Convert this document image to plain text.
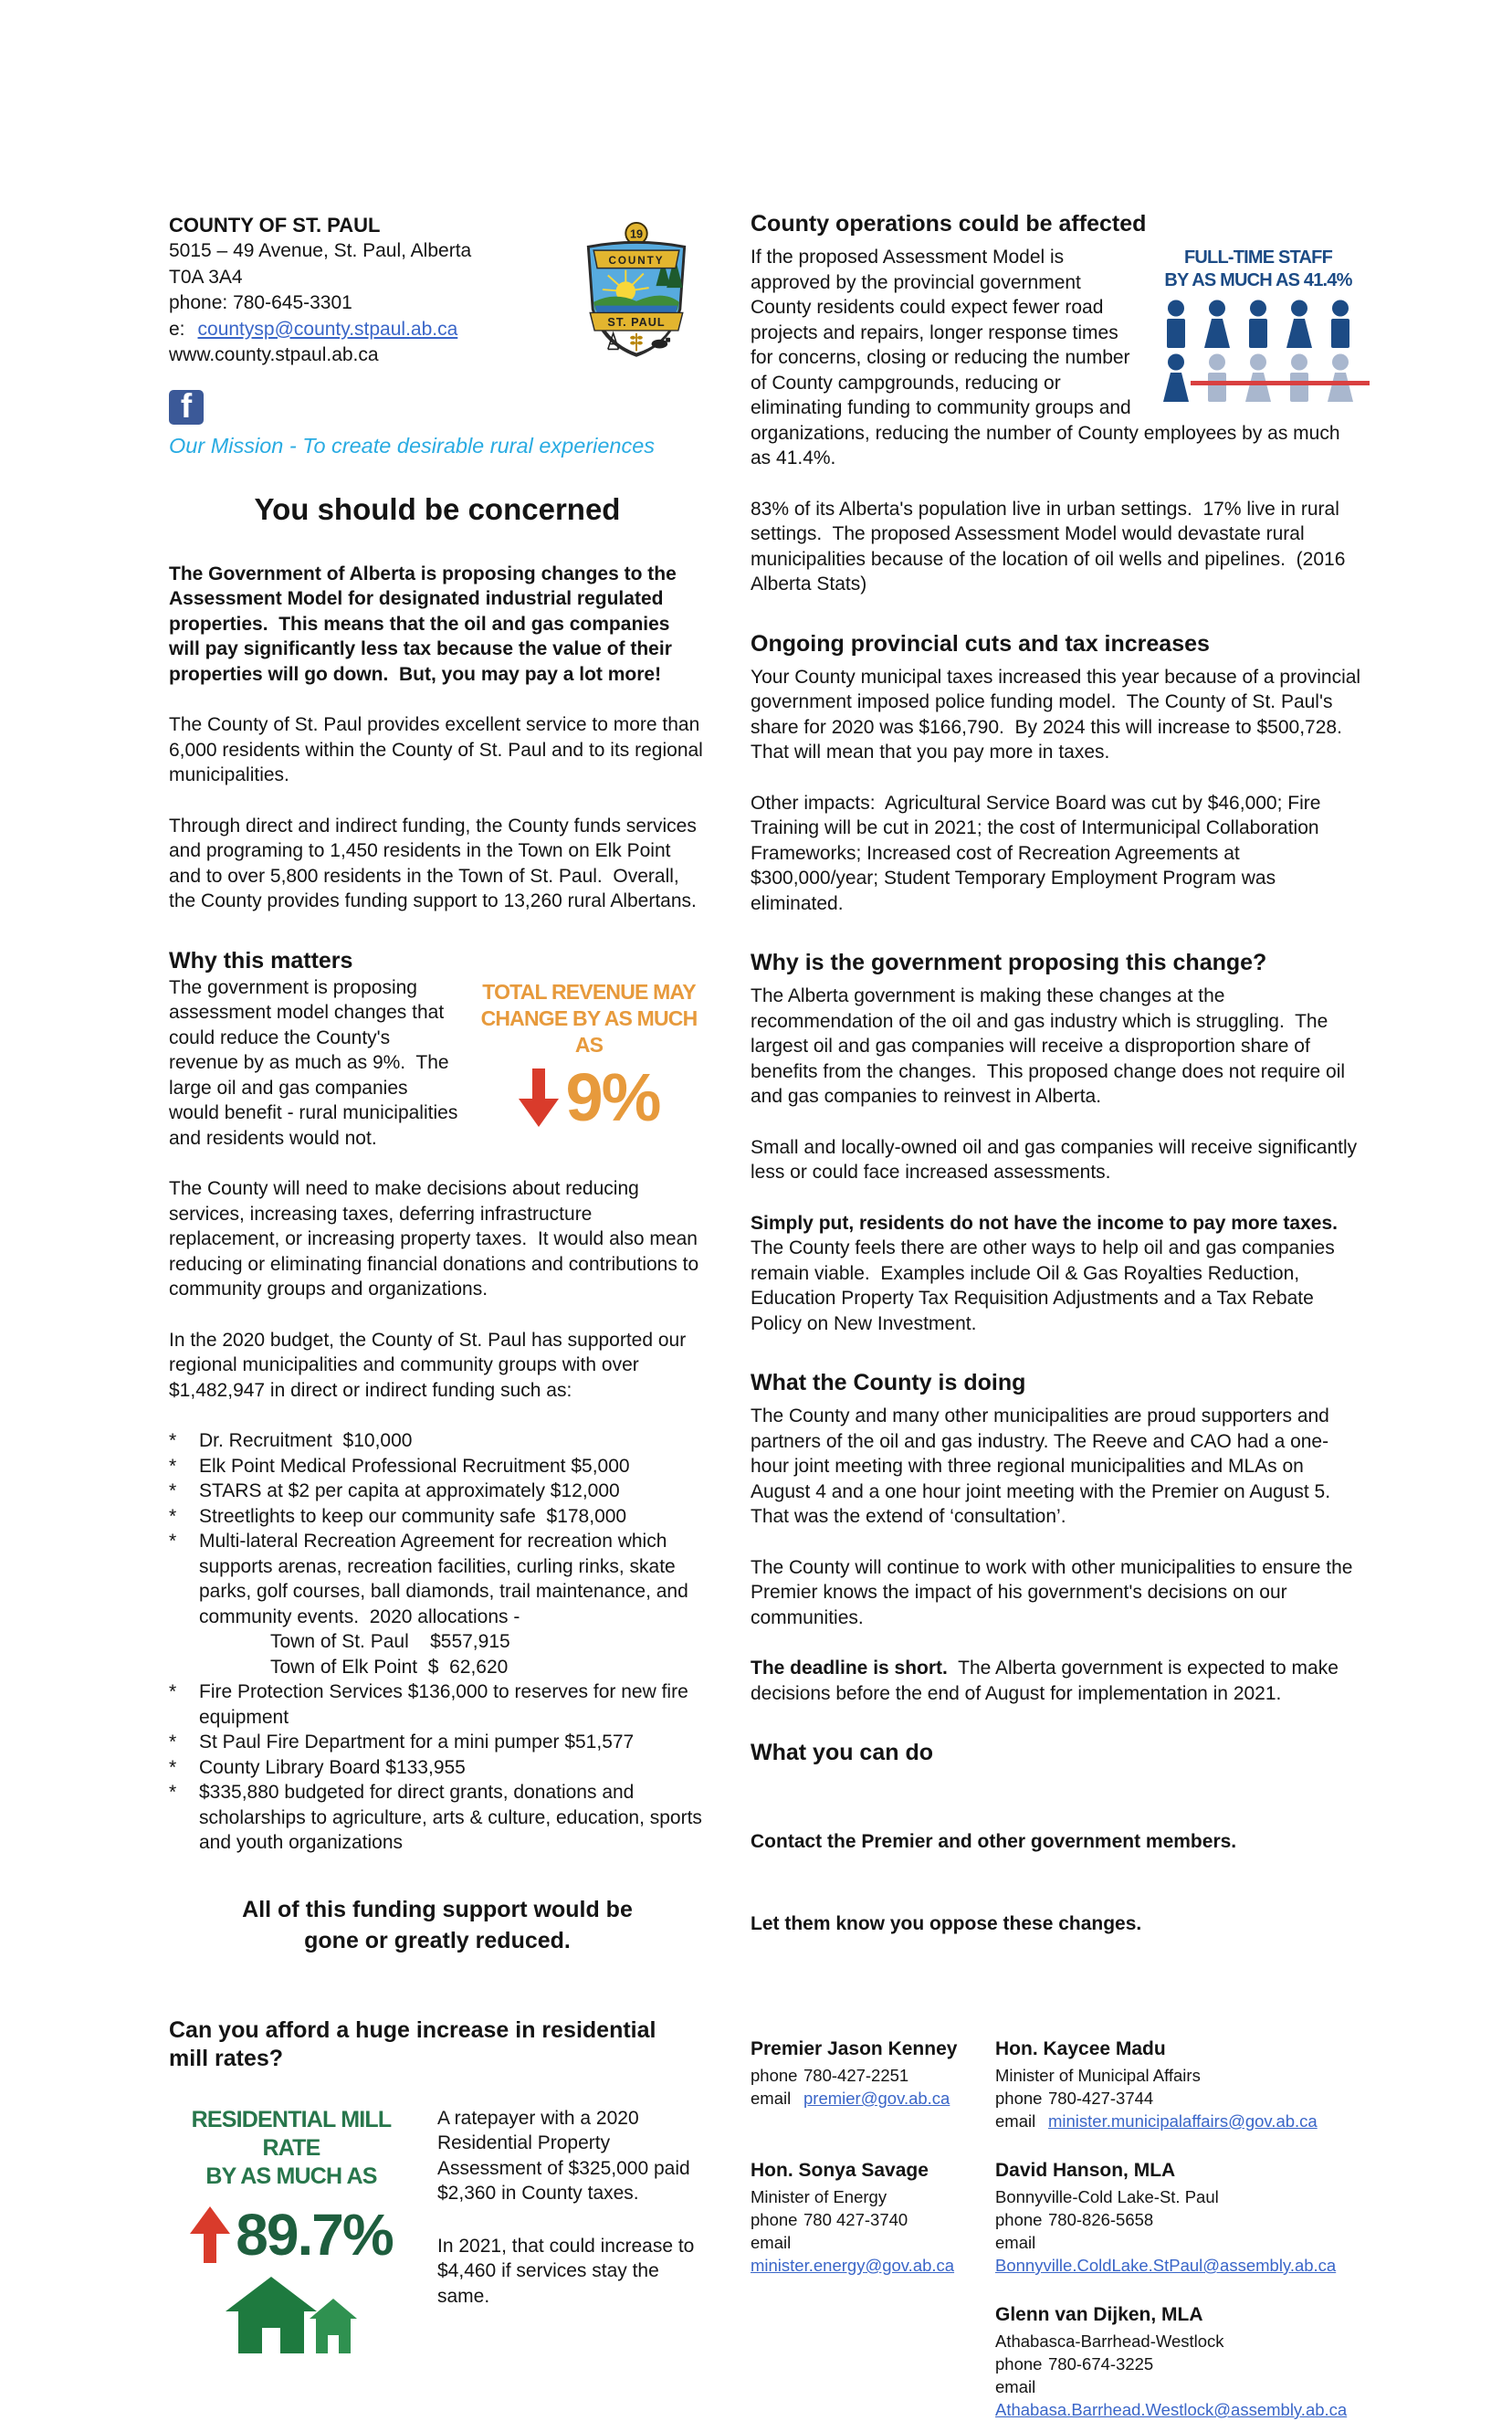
COUNTY OF ST. PAUL
5015 – 49 Avenue, St. Paul, Alberta
T0A 3A4
phone: 780-645-3301
e: countysp@county.stpaul.ab.ca
www.county.stpaul.ab.ca
19
COUNTY
ST. PAUL
f
Our Mission - To create desirable rural experiences
You should be concerned

The Government of Alberta is proposing changes to the Assessment Model for designated industrial regulated properties.  This means that the oil and gas companies will pay significantly less tax because the value of their properties will go down.  But, you may pay a lot more!

The County of St. Paul provides excellent service to more than 6,000 residents within the County of St. Paul and to its regional municipalities.

Through direct and indirect funding, the County funds services and programing to 1,450 residents in the Town on Elk Point and to over 5,800 residents in the Town of St. Paul.  Overall, the County provides funding support to 13,260 rural Albertans.

Why this matters
TOTAL REVENUE MAY
CHANGE BY AS MUCH AS
9%

The government is proposing assessment model changes that could reduce the County's revenue by as much as 9%.  The large oil and gas companies would benefit - rural municipalities and residents would not.

The County will need to make decisions about reducing services, increasing taxes, deferring infrastructure replacement, or increasing property taxes.  It would also mean reducing or eliminating financial donations and contributions to community groups and organizations.

In the 2020 budget, the County of St. Paul has supported our regional municipalities and community groups with over $1,482,947 in direct or indirect funding such as:

*	Dr. Recruitment  $10,000
*	Elk Point Medical Professional Recruitment $5,000
*	STARS at $2 per capita at approximately $12,000
*	Streetlights to keep our community safe  $178,000
*	Multi-lateral Recreation Agreement for recreation which supports arenas, recreation facilities, curling rinks, skate parks, golf courses, ball diamonds, trail maintenance, and community events.  2020 allocations -
Town of St. Paul    $557,915
Town of Elk Point  $  62,620
*	Fire Protection Services $136,000 to reserves for new fire equipment
*	St Paul Fire Department for a mini pumper $51,577
*	County Library Board $133,955
*	$335,880 budgeted for direct grants, donations and scholarships to agriculture, arts & culture, education, sports and youth organizations
All of this funding support would be
gone or greatly reduced.
Can you afford a huge increase in residential mill rates?
RESIDENTIAL MILL RATE
BY AS MUCH AS
89.7%

A ratepayer with a 2020 Residential Property Assessment of $325,000 paid $2,360 in County taxes.

In 2021, that could increase to $4,460 if services stay the same.

County operations could be affected
FULL-TIME STAFF
BY AS MUCH AS 41.4%

If the proposed Assessment Model is approved by the provincial government County residents could expect fewer road projects and repairs, longer response times for concerns, closing or reducing the number of County campgrounds, reducing or eliminating funding to community groups and organizations, reducing the number of County employees by as much as 41.4%.

83% of its Alberta's population live in urban settings.  17% live in rural settings.  The proposed Assessment Model would devastate rural municipalities because of the location of oil wells and pipelines.  (2016 Alberta Stats)

Ongoing provincial cuts and tax increases

Your County municipal taxes increased this year because of a provincial government imposed police funding model.  The County of St. Paul's share for 2020 was $166,790.  By 2024 this will increase to $500,728.  That will mean that you pay more in taxes.

Other impacts:  Agricultural Service Board was cut by $46,000; Fire Training will be cut in 2021; the cost of Intermunicipal Collaboration Frameworks; Increased cost of Recreation Agreements at $300,000/year; Student Temporary Employment Program was eliminated.

Why is the government proposing this change?

The Alberta government is making these changes at the recommendation of the oil and gas industry which is struggling.  The largest oil and gas companies will receive a disproportion share of benefits from the changes.  This proposed change does not require oil and gas companies to reinvest in Alberta.

Small and locally-owned oil and gas companies will receive significantly less or could face increased assessments.

Simply put, residents do not have the income to pay more taxes.  The County feels there are other ways to help oil and gas companies remain viable.  Examples include Oil & Gas Royalties Reduction, Education Property Tax Requisition Adjustments and a Tax Rebate Policy on New Investment.

What the County is doing

The County and many other municipalities are proud supporters and partners of the oil and gas industry. The Reeve and CAO had a one-hour joint meeting with three regional municipalities and MLAs on August 4 and a one hour joint meeting with the Premier on August 5.  That was the extend of ‘consultation’.

The County will continue to work with other municipalities to ensure the Premier knows the impact of his government's decisions on our communities.

The deadline is short.  The Alberta government is expected to make decisions before the end of August for implementation in 2021.

What you can do

Contact the Premier and other government members.

Let them know you oppose these changes.

Premier Jason Kenney
phone 780-427-2251
email premier@gov.ab.ca
Hon. Kaycee Madu
Minister of Municipal Affairs
phone 780-427-3744
email minister.municipalaffairs@gov.ab.ca
Hon. Sonya Savage
Minister of Energy
phone 780 427-3740
emailminister.energy@gov.ab.ca
David Hanson, MLA
Bonnyville-Cold Lake-St. Paul
phone 780-826-5658
emailBonnyville.ColdLake.StPaul@assembly.ab.ca
Glenn van Dijken, MLA
Athabasca-Barrhead-Westlock
phone 780-674-3225
emailAthabasa.Barrhead.Westlock@assembly.ab.ca
